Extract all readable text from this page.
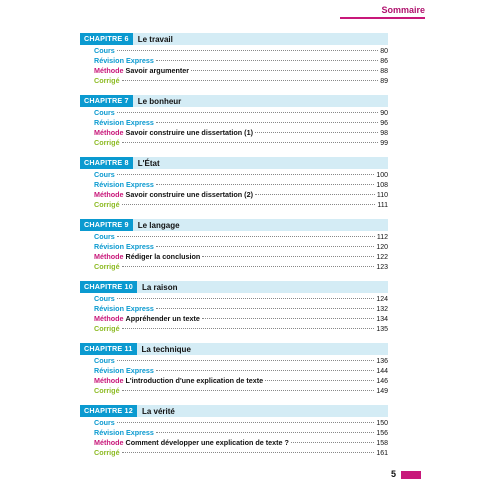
Sommaire
CHAPITRE 6	Le travail
Cours	80
Révision Express	86
Méthode Savoir argumenter	88
Corrigé	89
CHAPITRE 7	Le bonheur
Cours	90
Révision Express	96
Méthode Savoir construire une dissertation (1)	98
Corrigé	99
CHAPITRE 8	L'État
Cours	100
Révision Express	108
Méthode Savoir construire une dissertation (2)	110
Corrigé	111
CHAPITRE 9	Le langage
Cours	112
Révision Express	120
Méthode Rédiger la conclusion	122
Corrigé	123
CHAPITRE 10	La raison
Cours	124
Révision Express	132
Méthode Appréhender un texte	134
Corrigé	135
CHAPITRE 11	La technique
Cours	136
Révision Express	144
Méthode L'introduction d'une explication de texte	146
Corrigé	149
CHAPITRE 12	La vérité
Cours	150
Révision Express	156
Méthode Comment développer une explication de texte ?	158
Corrigé	161
5
